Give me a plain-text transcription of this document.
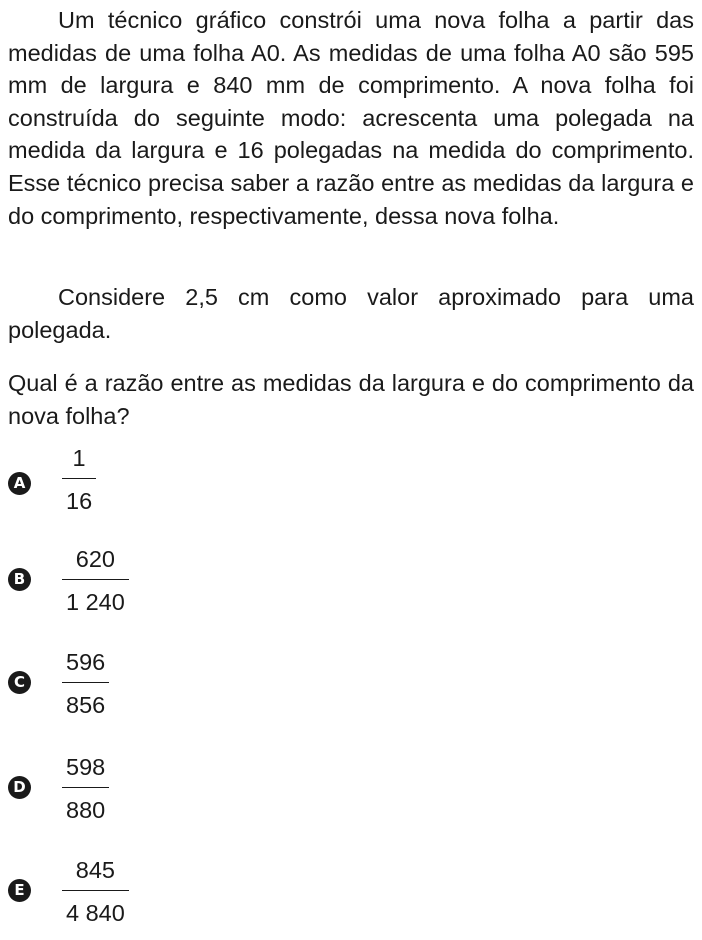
Um técnico gráfico constrói uma nova folha a partir das medidas de uma folha A0. As medidas de uma folha A0 são 595 mm de largura e 840 mm de comprimento. A nova folha foi construída do seguinte modo: acrescenta uma polegada na medida da largura e 16 polegadas na medida do comprimento. Esse técnico precisa saber a razão entre as medidas da largura e do comprimento, respectivamente, dessa nova folha.

Considere 2,5 cm como valor aproximado para uma polegada.

Qual é a razão entre as medidas da largura e do comprimento da nova folha?

A
1
16
B
620
1 240
C
596
856
D
598
880
E
845
4 840
